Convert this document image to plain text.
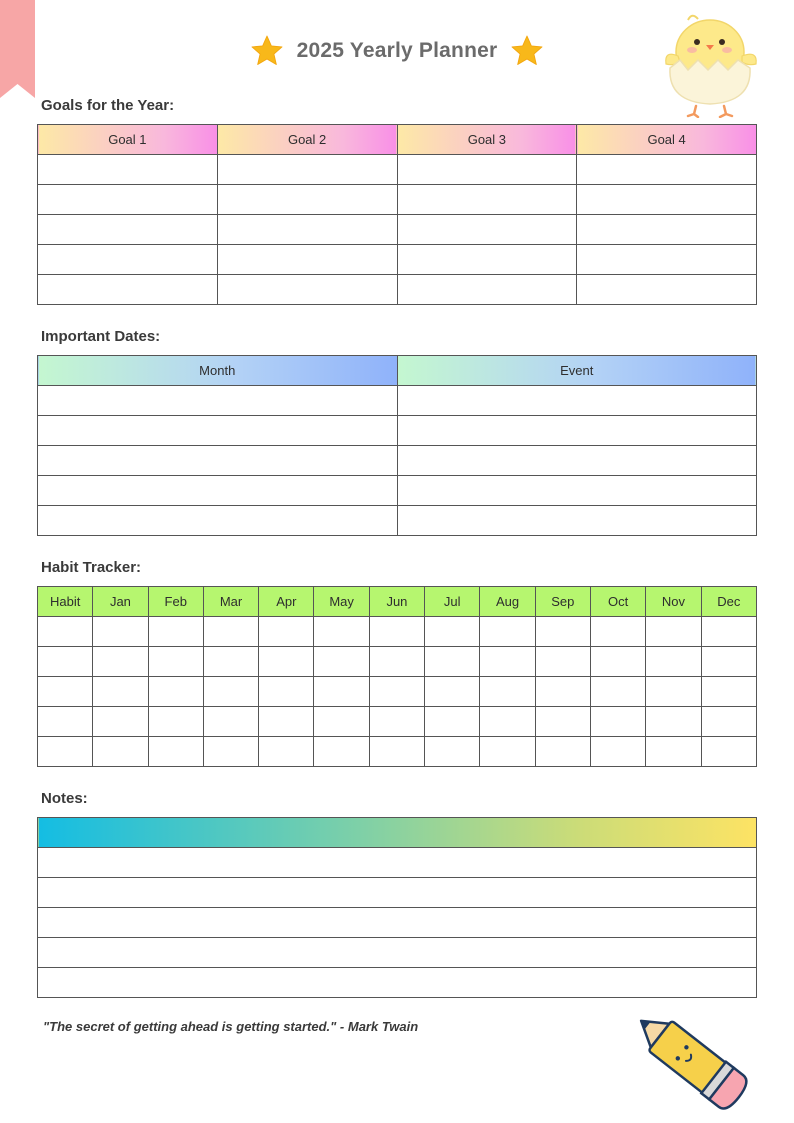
2025 Yearly Planner
Goals for the Year:
Goal 1	Goal 2	Goal 3	Goal 4

Important Dates:
Month	Event

Habit Tracker:
Habit	Jan	Feb	Mar	Apr	May	Jun	Jul	Aug	Sep	Oct	Nov	Dec

Notes:

"The secret of getting ahead is getting started." - Mark Twain
